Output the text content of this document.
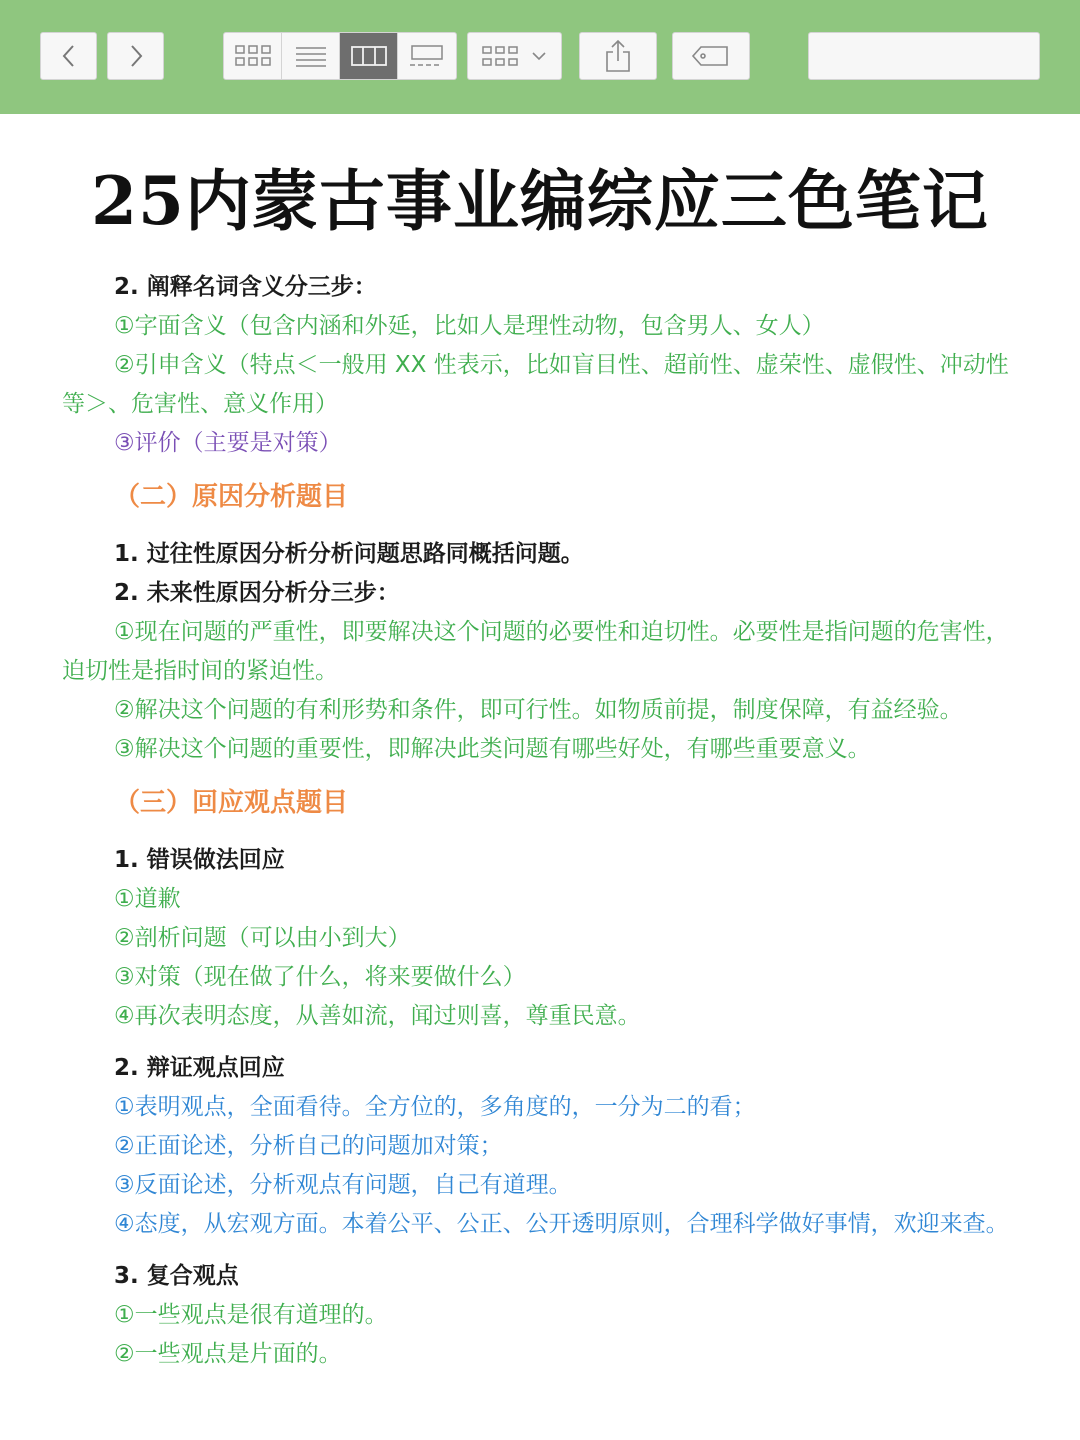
25内蒙古事业编综应三色笔记
2. 阐释名词含义分三步：
①字面含义（包含内涵和外延，比如人是理性动物，包含男人、女人）
②引申含义（特点＜一般用 XX 性表示，比如盲目性、超前性、虚荣性、虚假性、冲动性等＞、危害性、意义作用）
③评价（主要是对策）
（二）原因分析题目
1. 过往性原因分析分析问题思路同概括问题。
2. 未来性原因分析分三步：
①现在问题的严重性，即要解决这个问题的必要性和迫切性。必要性是指问题的危害性，迫切性是指时间的紧迫性。
②解决这个问题的有利形势和条件，即可行性。如物质前提，制度保障，有益经验。
③解决这个问题的重要性，即解决此类问题有哪些好处，有哪些重要意义。
（三）回应观点题目
1. 错误做法回应
①道歉
②剖析问题（可以由小到大）
③对策（现在做了什么，将来要做什么）
④再次表明态度，从善如流，闻过则喜，尊重民意。
2. 辩证观点回应
①表明观点，全面看待。全方位的，多角度的，一分为二的看；
②正面论述，分析自己的问题加对策；
③反面论述，分析观点有问题，自己有道理。
④态度，从宏观方面。本着公平、公正、公开透明原则，合理科学做好事情，欢迎来查。
3. 复合观点
①一些观点是很有道理的。
②一些观点是片面的。
